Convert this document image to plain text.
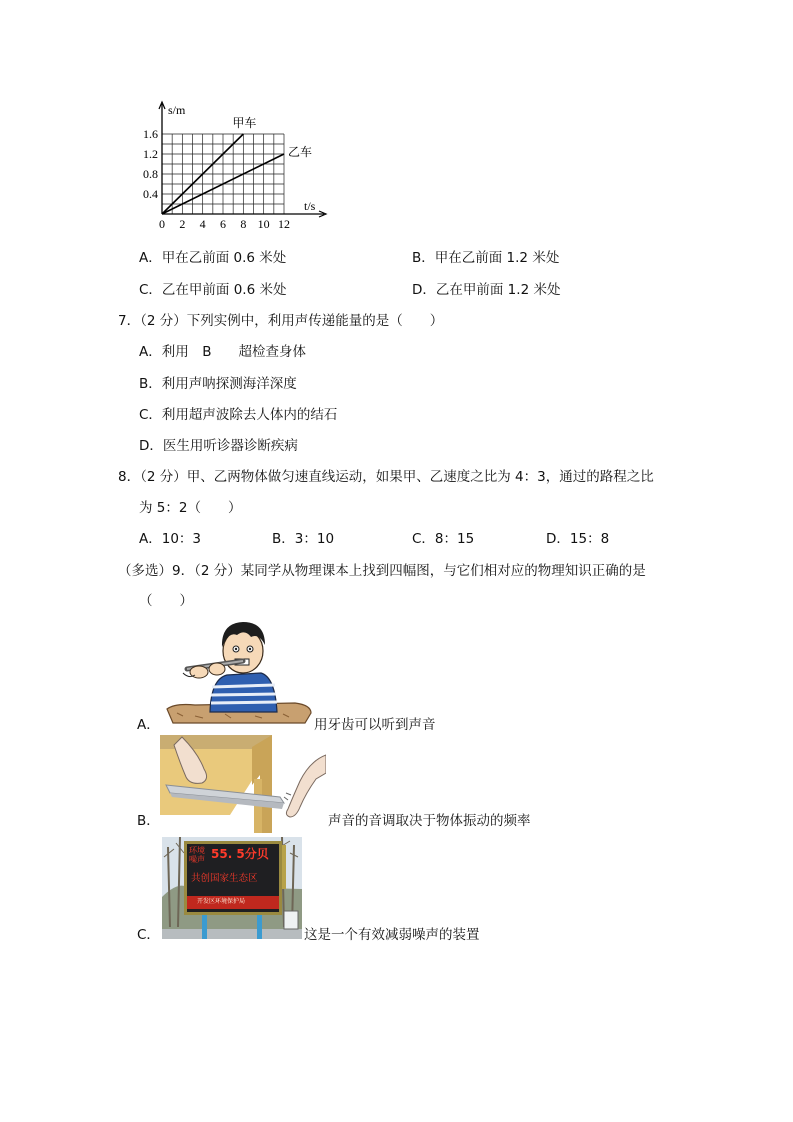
甲车
乙车
0 2 4 6 8 10 12
0.4
0.8
1.2
1.6
s/m
t/s
A．甲在乙前面 0.6 米处	B．甲在乙前面 1.2 米处
C．乙在甲前面 0.6 米处	D．乙在甲前面 1.2 米处
7．（2 分）下列实例中，利用声传递能量的是（　　）
A．利用　B　　超检查身体
B．利用声呐探测海洋深度
C．利用超声波除去人体内的结石
D．医生用听诊器诊断疾病
8．（2 分）甲、乙两物体做匀速直线运动，如果甲、乙速度之比为 4：3，通过的路程之比
为 5：2（　　）
A．10：3	B．3：10	C．8：15	D．15：8
（多选）9．（2 分）某同学从物理课本上找到四幅图，与它们相对应的物理知识正确的是
（　　）
A．	用牙齿可以听到声音
B．	声音的音调取决于物体振动的频率
C．
环境
噪声 55. 5分贝
共创国家生态区
开发区环境保护局
这是一个有效减弱噪声的装置
